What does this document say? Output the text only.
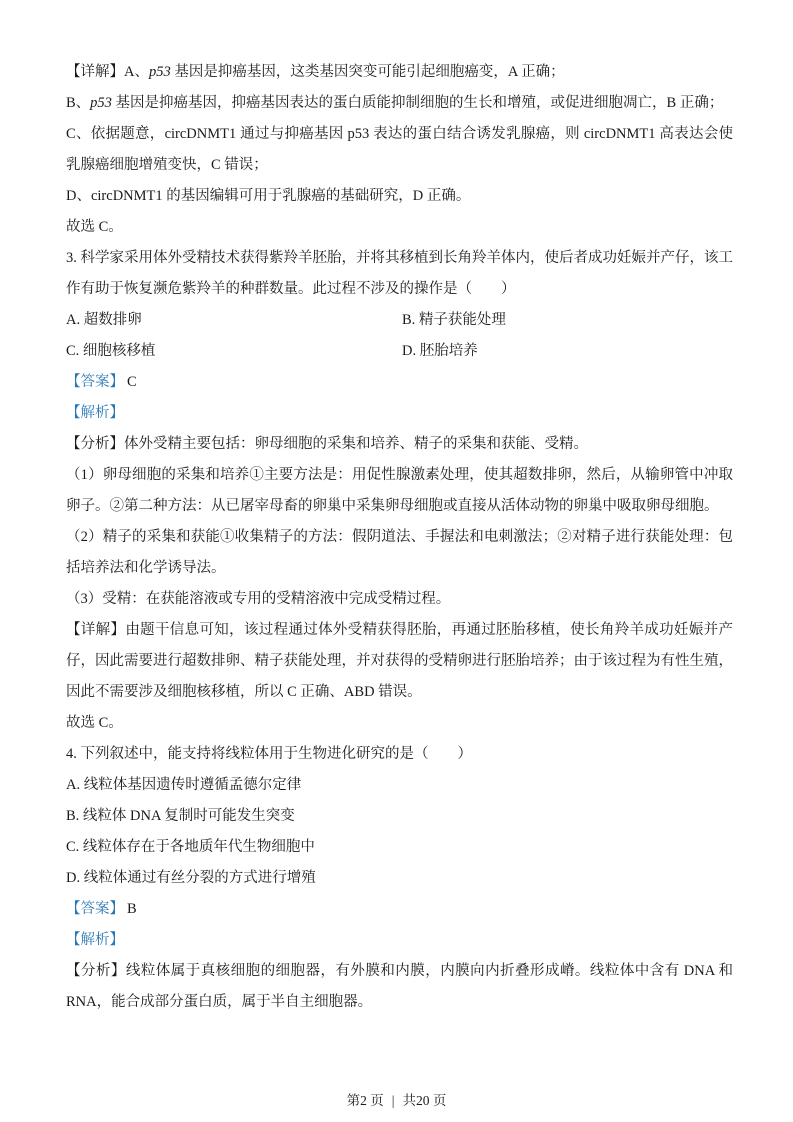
【详解】A、p53 基因是抑癌基因，这类基因突变可能引起细胞癌变，A 正确；

B、p53 基因是抑癌基因，抑癌基因表达的蛋白质能抑制细胞的生长和增殖，或促进细胞凋亡，B 正确；

C、依据题意，circDNMT1 通过与抑癌基因 p53 表达的蛋白结合诱发乳腺癌，则 circDNMT1 高表达会使乳腺癌细胞增殖变快，C 错误；

D、circDNMT1 的基因编辑可用于乳腺癌的基础研究，D 正确。

故选 C。

3. 科学家采用体外受精技术获得紫羚羊胚胎，并将其移植到长角羚羊体内，使后者成功妊娠并产仔，该工作有助于恢复濒危紫羚羊的种群数量。此过程不涉及的操作是（　　）

A. 超数排卵	B. 精子获能处理
C. 细胞核移植	D. 胚胎培养

【答案】 C

【解析】

【分析】体外受精主要包括：卵母细胞的采集和培养、精子的采集和获能、受精。

（1）卵母细胞的采集和培养①主要方法是：用促性腺激素处理，使其超数排卵，然后，从输卵管中冲取卵子。②第二种方法：从已屠宰母畜的卵巢中采集卵母细胞或直接从活体动物的卵巢中吸取卵母细胞。

（2）精子的采集和获能①收集精子的方法：假阴道法、手握法和电刺激法；②对精子进行获能处理：包括培养法和化学诱导法。

（3）受精：在获能溶液或专用的受精溶液中完成受精过程。

【详解】由题干信息可知，该过程通过体外受精获得胚胎，再通过胚胎移植，使长角羚羊成功妊娠并产仔，因此需要进行超数排卵、精子获能处理，并对获得的受精卵进行胚胎培养；由于该过程为有性生殖，因此不需要涉及细胞核移植，所以 C 正确、ABD 错误。

故选 C。

4. 下列叙述中，能支持将线粒体用于生物进化研究的是（　　）

A. 线粒体基因遗传时遵循孟德尔定律

B. 线粒体 DNA 复制时可能发生突变

C. 线粒体存在于各地质年代生物细胞中

D. 线粒体通过有丝分裂的方式进行增殖

【答案】 B

【解析】

【分析】线粒体属于真核细胞的细胞器，有外膜和内膜，内膜向内折叠形成嵴。线粒体中含有 DNA 和 RNA，能合成部分蛋白质，属于半自主细胞器。

第2 页 | 共20 页
